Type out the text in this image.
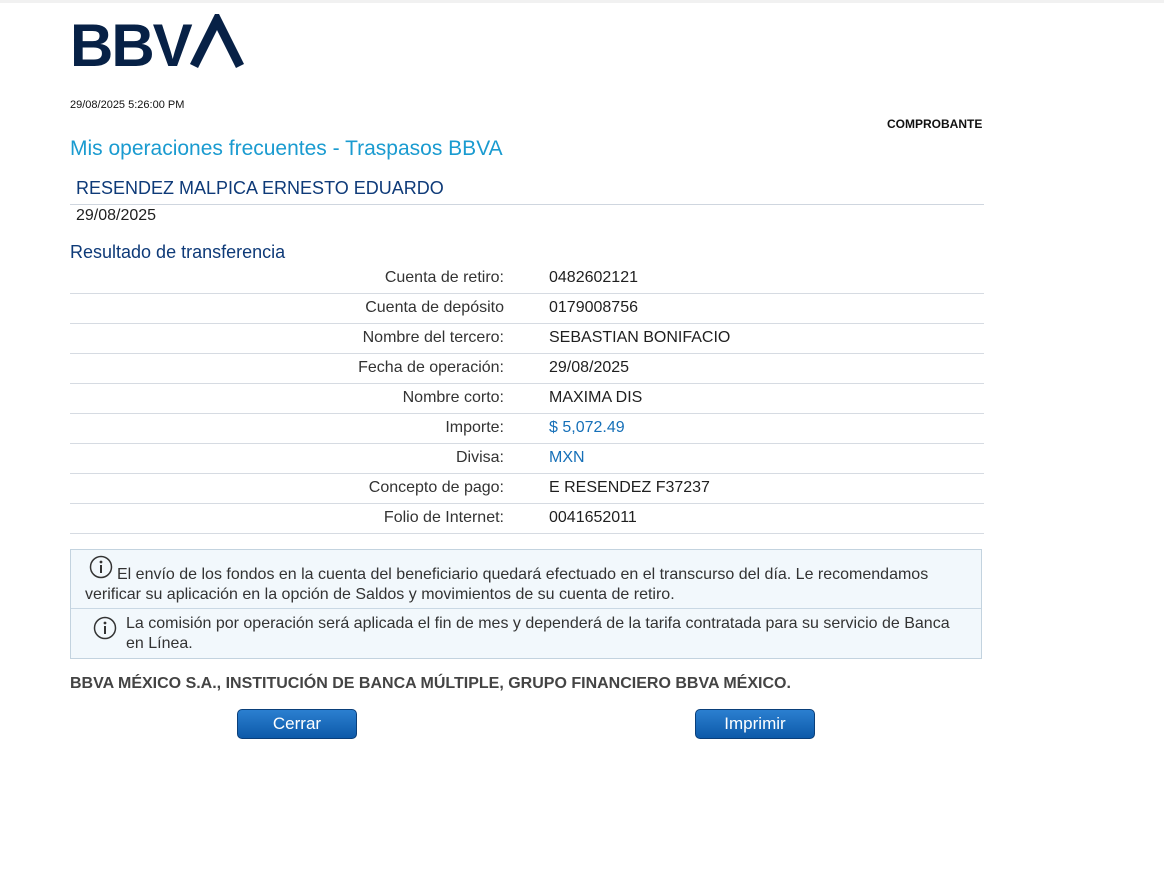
BBV
29/08/2025 5:26:00 PM
COMPROBANTE
Mis operaciones frecuentes - Traspasos BBVA
RESENDEZ MALPICA ERNESTO EDUARDO
29/08/2025
Resultado de transferencia
Cuenta de retiro:	0482602121
Cuenta de depósito	0179008756
Nombre del tercero:	SEBASTIAN BONIFACIO
Fecha de operación:	29/08/2025
Nombre corto:	MAXIMA DIS
Importe:	$ 5,072.49
Divisa:	MXN
Concepto de pago:	E RESENDEZ F37237
Folio de Internet:	0041652011
El envío de los fondos en la cuenta del beneficiario quedará efectuado en el transcurso del día. Le recomendamos verificar su aplicación en la opción de Saldos y movimientos de su cuenta de retiro.
La comisión por operación será aplicada el fin de mes y dependerá de la tarifa contratada para su servicio de Banca en Línea.
BBVA MÉXICO S.A., INSTITUCIÓN DE BANCA MÚLTIPLE, GRUPO FINANCIERO BBVA MÉXICO.
Cerrar	Imprimir
